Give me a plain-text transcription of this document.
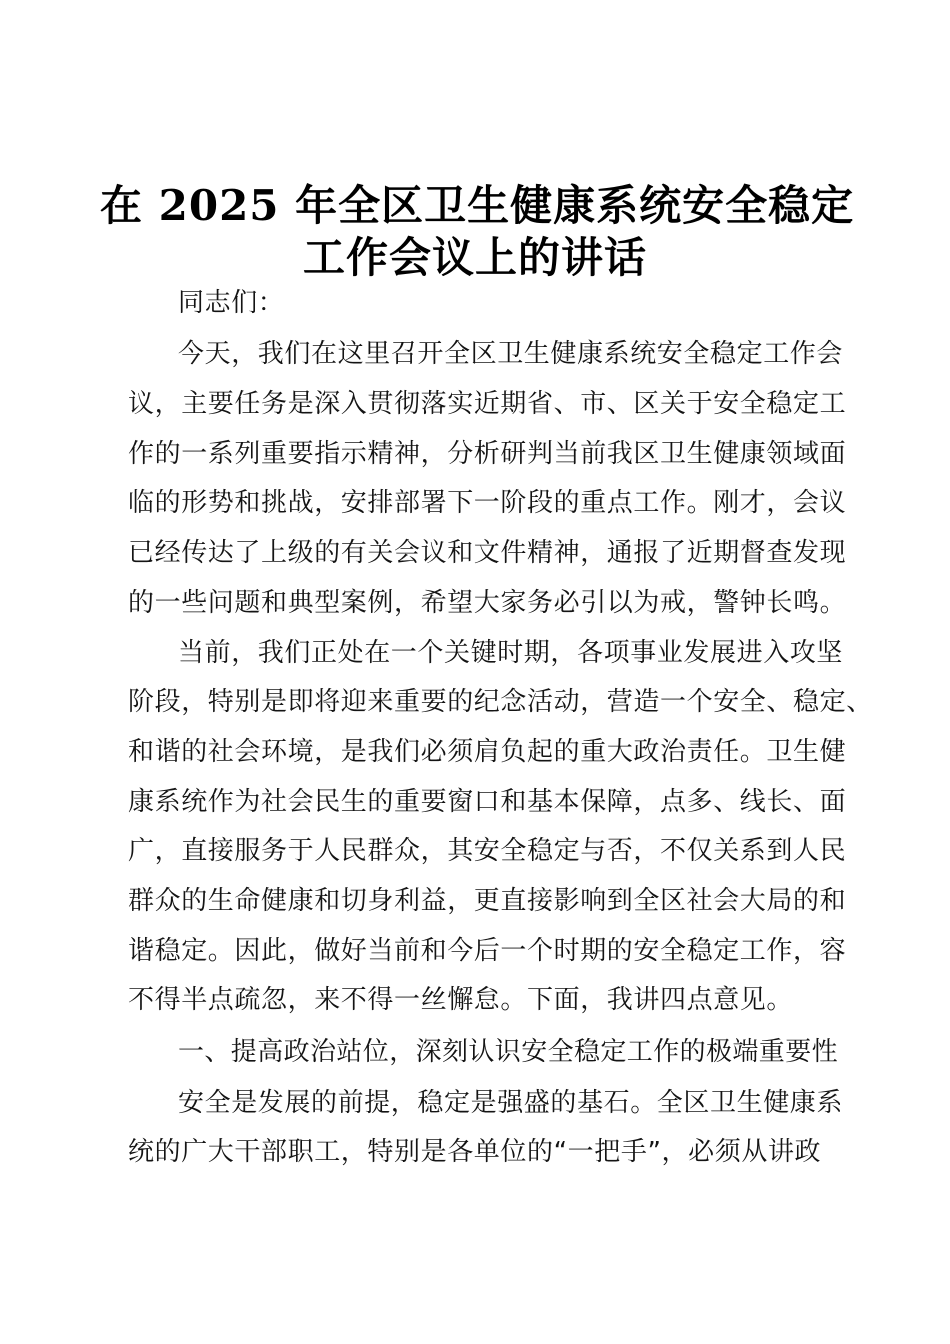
在 2025 年全区卫生健康系统安全稳定
工作会议上的讲话
同志们：
今天，我们在这里召开全区卫生健康系统安全稳定工作会
议，主要任务是深入贯彻落实近期省、市、区关于安全稳定工
作的一系列重要指示精神，分析研判当前我区卫生健康领域面
临的形势和挑战，安排部署下一阶段的重点工作。刚才，会议
已经传达了上级的有关会议和文件精神，通报了近期督查发现
的一些问题和典型案例，希望大家务必引以为戒，警钟长鸣。
当前，我们正处在一个关键时期，各项事业发展进入攻坚
阶段，特别是即将迎来重要的纪念活动，营造一个安全、稳定、
和谐的社会环境，是我们必须肩负起的重大政治责任。卫生健
康系统作为社会民生的重要窗口和基本保障，点多、线长、面
广，直接服务于人民群众，其安全稳定与否，不仅关系到人民
群众的生命健康和切身利益，更直接影响到全区社会大局的和
谐稳定。因此，做好当前和今后一个时期的安全稳定工作，容
不得半点疏忽，来不得一丝懈怠。下面，我讲四点意见。
一、提高政治站位，深刻认识安全稳定工作的极端重要性
安全是发展的前提，稳定是强盛的基石。全区卫生健康系
统的广大干部职工，特别是各单位的“一把手”，必须从讲政
